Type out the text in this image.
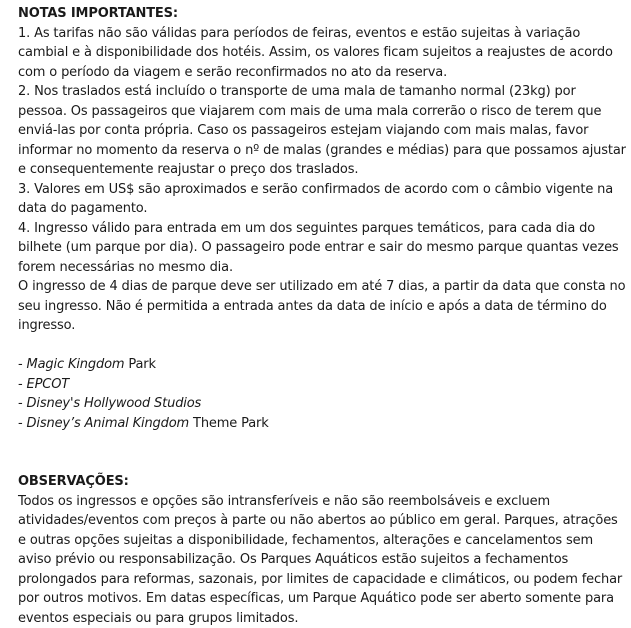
NOTAS IMPORTANTES:

1. As tarifas não são válidas para períodos de feiras, eventos e estão sujeitas à variação cambial e à disponibilidade dos hotéis. Assim, os valores ficam sujeitos a reajustes de acordo com o período da viagem e serão reconfirmados no ato da reserva.

2. Nos traslados está incluído o transporte de uma mala de tamanho normal (23kg) por pessoa. Os passageiros que viajarem com mais de uma mala correrão o risco de terem que enviá-las por conta própria. Caso os passageiros estejam viajando com mais malas, favor informar no momento da reserva o nº de malas (grandes e médias) para que possamos ajustar e consequentemente reajustar o preço dos traslados.

3. Valores em US$ são aproximados e serão confirmados de acordo com o câmbio vigente na data do pagamento.

4. Ingresso válido para entrada em um dos seguintes parques temáticos, para cada dia do bilhete (um parque por dia). O passageiro pode entrar e sair do mesmo parque quantas vezes forem necessárias no mesmo dia.

O ingresso de 4 dias de parque deve ser utilizado em até 7 dias, a partir da data que consta no seu ingresso. Não é permitida a entrada antes da data de início e após a data de término do ingresso.

- Magic Kingdom Park
- EPCOT
- Disney's Hollywood Studios
- Disney’s Animal Kingdom Theme Park

OBSERVAÇÕES:

Todos os ingressos e opções são intransferíveis e não são reembolsáveis e excluem atividades/eventos com preços à parte ou não abertos ao público em geral. Parques, atrações e outras opções sujeitas a disponibilidade, fechamentos, alterações e cancelamentos sem aviso prévio ou responsabilização. Os Parques Aquáticos estão sujeitos a fechamentos prolongados para reformas, sazonais, por limites de capacidade e climáticos, ou podem fechar por outros motivos. Em datas específicas, um Parque Aquático pode ser aberto somente para eventos especiais ou para grupos limitados.
